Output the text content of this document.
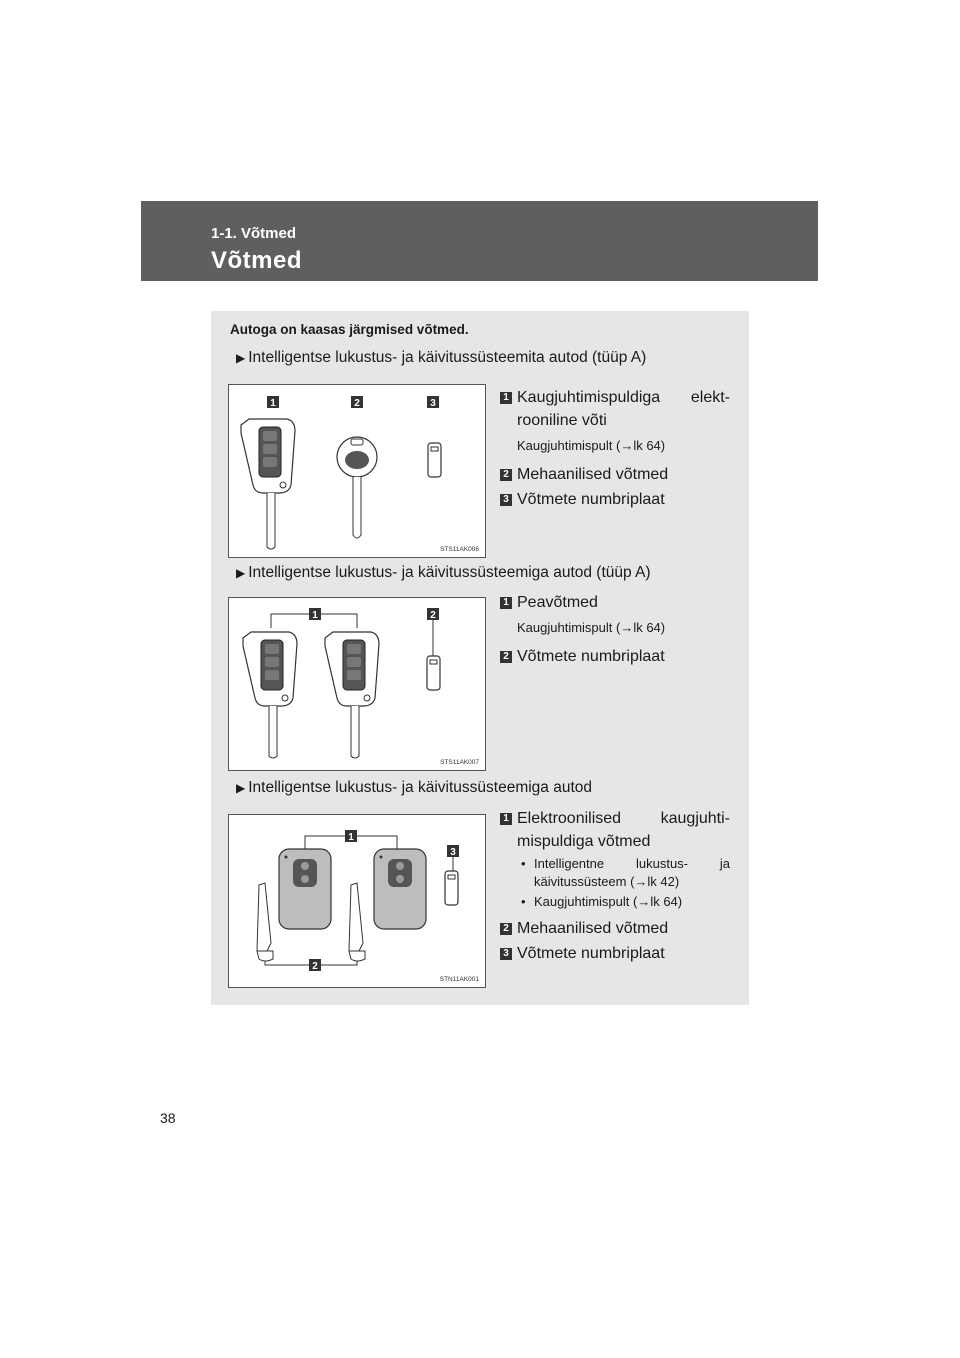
1-1. Võtmed
Võtmed
Autoga on kaasas järgmised võtmed.
▶ Intelligentse lukustus- ja käivitussüsteemita autod (tüüp A)
1	2	3
STS11AK006
1 Kaugjuhtimispuldiga elekt-rooniline võti
Kaugjuhtimispult (→lk 64)
2 Mehaanilised võtmed
3 Võtmete numbriplaat
▶ Intelligentse lukustus- ja käivitussüsteemiga autod (tüüp A)
1	2
STS11AK007
1 Peavõtmed
Kaugjuhtimispult (→lk 64)
2 Võtmete numbriplaat
▶ Intelligentse lukustus- ja käivitussüsteemiga autod
1
3
2
STN11AK001
1 Elektroonilised kaugjuhti-mispuldiga võtmed
• Intelligentne lukustus- ja käivitussüsteem (→lk 42)
• Kaugjuhtimispult (→lk 64)
2 Mehaanilised võtmed
3 Võtmete numbriplaat
38
